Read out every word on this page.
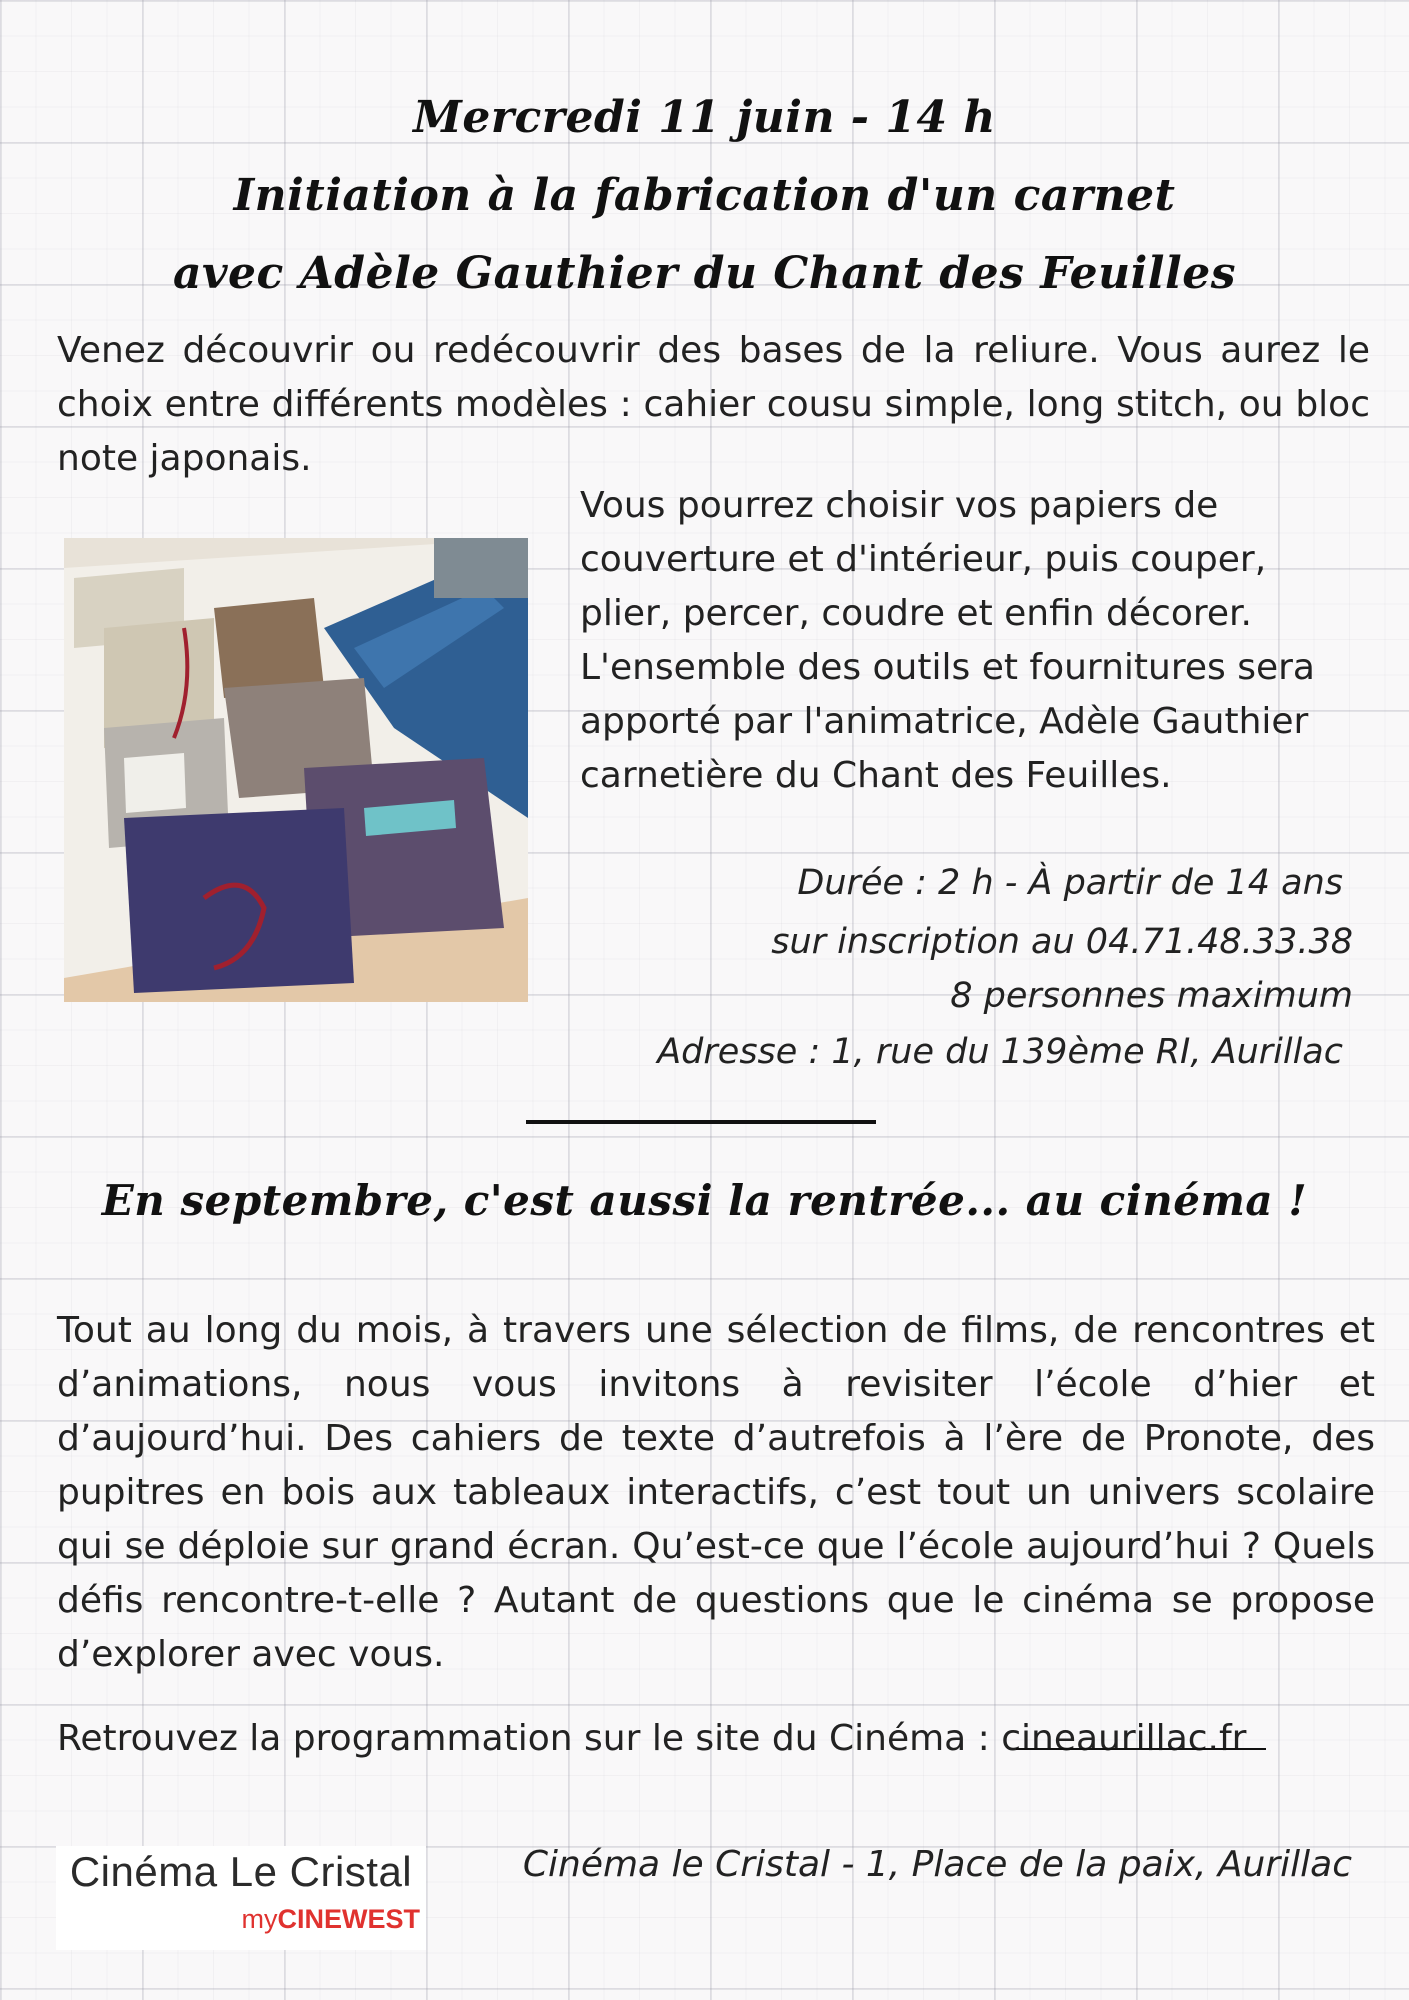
Mercredi 11 juin - 14 h
Initiation à la fabrication d'un carnet
avec Adèle Gauthier du Chant des Feuilles
Venez découvrir ou redécouvrir des bases de la reliure. Vous aurez le choix entre différents modèles : cahier cousu simple, long stitch, ou bloc note japonais.
Vous pourrez choisir vos papiers de
couverture et d'intérieur, puis couper,
plier, percer, coudre et enfin décorer.
L'ensemble des outils et fournitures sera
apporté par l'animatrice, Adèle Gauthier
carnetière du Chant des Feuilles.
Durée : 2 h - À partir de 14 ans
sur inscription au 04.71.48.33.38
8 personnes maximum
Adresse : 1, rue du 139ème RI, Aurillac
En septembre, c'est aussi la rentrée... au cinéma !
Tout au long du mois, à travers une sélection de films, de rencontres et d’animations, nous vous invitons à revisiter l’école d’hier et d’aujourd’hui. Des cahiers de texte d’autrefois à l’ère de Pronote, des pupitres en bois aux tableaux interactifs, c’est tout un univers scolaire qui se déploie sur grand écran. Qu’est-ce que l’école aujourd’hui ? Quels défis rencontre-t-elle ? Autant de questions que le cinéma se propose d’explorer avec vous.
Retrouvez la programmation sur le site du Cinéma : cineaurillac.fr
Cinéma Le Cristal
myCINEWEST
Cinéma le Cristal - 1, Place de la paix, Aurillac
